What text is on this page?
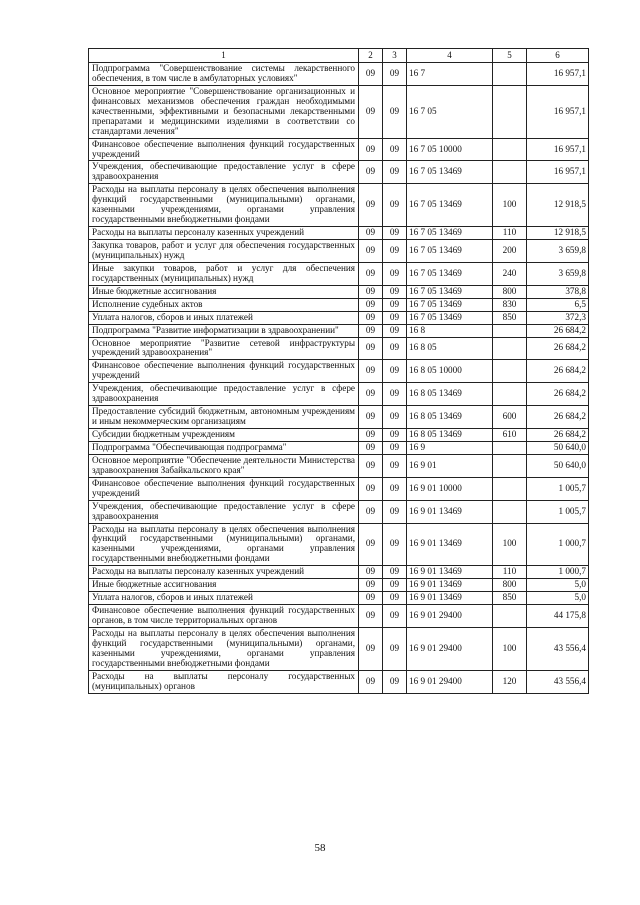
1	2	3	4	5	6
Подпрограмма "Совершенствование системы лекарственного обеспечения, в том числе в амбулаторных условиях"	09	09	16 7		16 957,1
Основное мероприятие "Совершенствование организационных и финансовых механизмов обеспечения граждан необходимыми качественными, эффективными и безопасными лекарственными препаратами и медицинскими изделиями в соответствии со стандартами лечения"	09	09	16 7 05		16 957,1
Финансовое обеспечение выполнения функций государственных учреждений	09	09	16 7 05 10000		16 957,1
Учреждения, обеспечивающие предоставление услуг в сфере здравоохранения	09	09	16 7 05 13469		16 957,1
Расходы на выплаты персоналу в целях обеспечения выполнения функций государственными (муниципальными) органами, казенными учреждениями, органами управления государственными внебюджетными фондами	09	09	16 7 05 13469	100	12 918,5
Расходы на выплаты персоналу казенных учреждений	09	09	16 7 05 13469	110	12 918,5
Закупка товаров, работ и услуг для обеспечения государственных (муниципальных) нужд	09	09	16 7 05 13469	200	3 659,8
Иные закупки товаров, работ и услуг для обеспечения государственных (муниципальных) нужд	09	09	16 7 05 13469	240	3 659,8
Иные бюджетные ассигнования	09	09	16 7 05 13469	800	378,8
Исполнение судебных актов	09	09	16 7 05 13469	830	6,5
Уплата налогов, сборов и иных платежей	09	09	16 7 05 13469	850	372,3
Подпрограмма "Развитие информатизации в здравоохранении"	09	09	16 8		26 684,2
Основное мероприятие "Развитие сетевой инфраструктуры учреждений здравоохранения"	09	09	16 8 05		26 684,2
Финансовое обеспечение выполнения функций государственных учреждений	09	09	16 8 05 10000		26 684,2
Учреждения, обеспечивающие предоставление услуг в сфере здравоохранения	09	09	16 8 05 13469		26 684,2
Предоставление субсидий бюджетным, автономным учреждениям и иным некоммерческим организациям	09	09	16 8 05 13469	600	26 684,2
Субсидии бюджетным учреждениям	09	09	16 8 05 13469	610	26 684,2
Подпрограмма "Обеспечивающая подпрограмма"	09	09	16 9		50 640,0
Основное мероприятие "Обеспечение деятельности Министерства здравоохранения Забайкальского края"	09	09	16 9 01		50 640,0
Финансовое обеспечение выполнения функций государственных учреждений	09	09	16 9 01 10000		1 005,7
Учреждения, обеспечивающие предоставление услуг в сфере здравоохранения	09	09	16 9 01 13469		1 005,7
Расходы на выплаты персоналу в целях обеспечения выполнения функций государственными (муниципальными) органами, казенными учреждениями, органами управления государственными внебюджетными фондами	09	09	16 9 01 13469	100	1 000,7
Расходы на выплаты персоналу казенных учреждений	09	09	16 9 01 13469	110	1 000,7
Иные бюджетные ассигнования	09	09	16 9 01 13469	800	5,0
Уплата налогов, сборов и иных платежей	09	09	16 9 01 13469	850	5,0
Финансовое обеспечение выполнения функций государственных органов, в том числе территориальных органов	09	09	16 9 01 29400		44 175,8
Расходы на выплаты персоналу в целях обеспечения выполнения функций государственными (муниципальными) органами, казенными учреждениями, органами управления государственными внебюджетными фондами	09	09	16 9 01 29400	100	43 556,4
Расходы на выплаты персоналу государственных (муниципальных) органов	09	09	16 9 01 29400	120	43 556,4
58
